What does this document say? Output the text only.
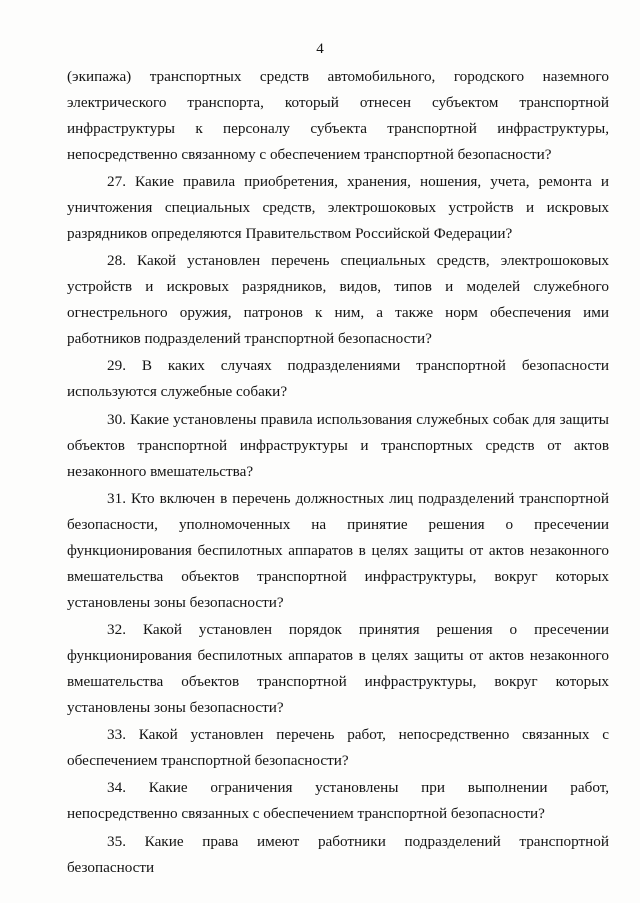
4

(экипажа) транспортных средств автомобильного, городского наземного электрического транспорта, который отнесен субъектом транспортной инфраструктуры к персоналу субъекта транспортной инфраструктуры, непосредственно связанному с обеспечением транспортной безопасности?

27. Какие правила приобретения, хранения, ношения, учета, ремонта и уничтожения специальных средств, электрошоковых устройств и искровых разрядников определяются Правительством Российской Федерации?

28. Какой установлен перечень специальных средств, электрошоковых устройств и искровых разрядников, видов, типов и моделей служебного огнестрельного оружия, патронов к ним, а также норм обеспечения ими работников подразделений транспортной безопасности?

29. В каких случаях подразделениями транспортной безопасности используются служебные собаки?

30. Какие установлены правила использования служебных собак для защиты объектов транспортной инфраструктуры и транспортных средств от актов незаконного вмешательства?

31. Кто включен в перечень должностных лиц подразделений транспортной безопасности, уполномоченных на принятие решения о пресечении функционирования беспилотных аппаратов в целях защиты от актов незаконного вмешательства объектов транспортной инфраструктуры, вокруг которых установлены зоны безопасности?

32. Какой установлен порядок принятия решения о пресечении функционирования беспилотных аппаратов в целях защиты от актов незаконного вмешательства объектов транспортной инфраструктуры, вокруг которых установлены зоны безопасности?

33. Какой установлен перечень работ, непосредственно связанных с обеспечением транспортной безопасности?

34. Какие ограничения установлены при выполнении работ, непосредственно связанных с обеспечением транспортной безопасности?

35. Какие права имеют работники подразделений транспортной безопасности
